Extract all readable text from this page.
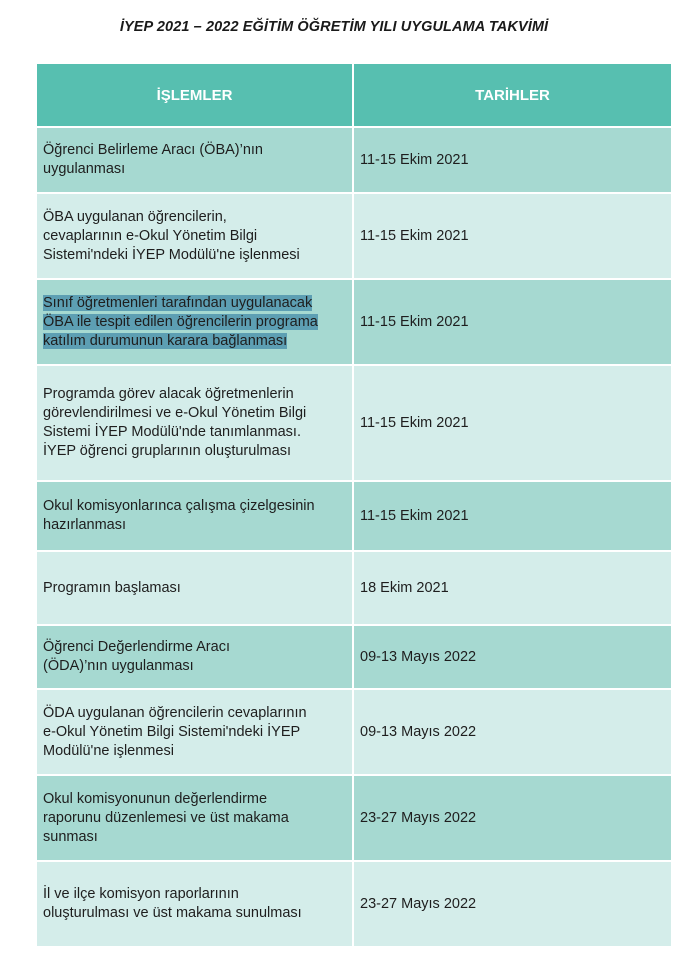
İYEP 2021 – 2022 EĞİTİM ÖĞRETİM YILI UYGULAMA TAKVİMİ
İŞLEMLER	TARİHLER
Öğrenci Belirleme Aracı (ÖBA)’nın
uygulanması	11-15 Ekim 2021
ÖBA uygulanan öğrencilerin,
cevaplarının e-Okul Yönetim Bilgi
Sistemi'ndeki İYEP Modülü'ne işlenmesi	11-15 Ekim 2021
Sınıf öğretmenleri tarafından uygulanacak
ÖBA ile tespit edilen öğrencilerin programa
katılım durumunun karara bağlanması	11-15 Ekim 2021
Programda görev alacak öğretmenlerin
görevlendirilmesi ve e-Okul Yönetim Bilgi
Sistemi İYEP Modülü'nde tanımlanması.
İYEP öğrenci gruplarının oluşturulması	11-15 Ekim 2021
Okul komisyonlarınca çalışma çizelgesinin
hazırlanması	11-15 Ekim 2021
Programın başlaması	18 Ekim 2021
Öğrenci Değerlendirme Aracı
(ÖDA)’nın uygulanması	09-13 Mayıs 2022
ÖDA uygulanan öğrencilerin cevaplarının
e-Okul Yönetim Bilgi Sistemi'ndeki İYEP
Modülü'ne işlenmesi	09-13 Mayıs 2022
Okul komisyonunun değerlendirme
raporunu düzenlemesi ve üst makama
sunması	23-27 Mayıs 2022
İl ve ilçe komisyon raporlarının
oluşturulması ve üst makama sunulması	23-27 Mayıs 2022
